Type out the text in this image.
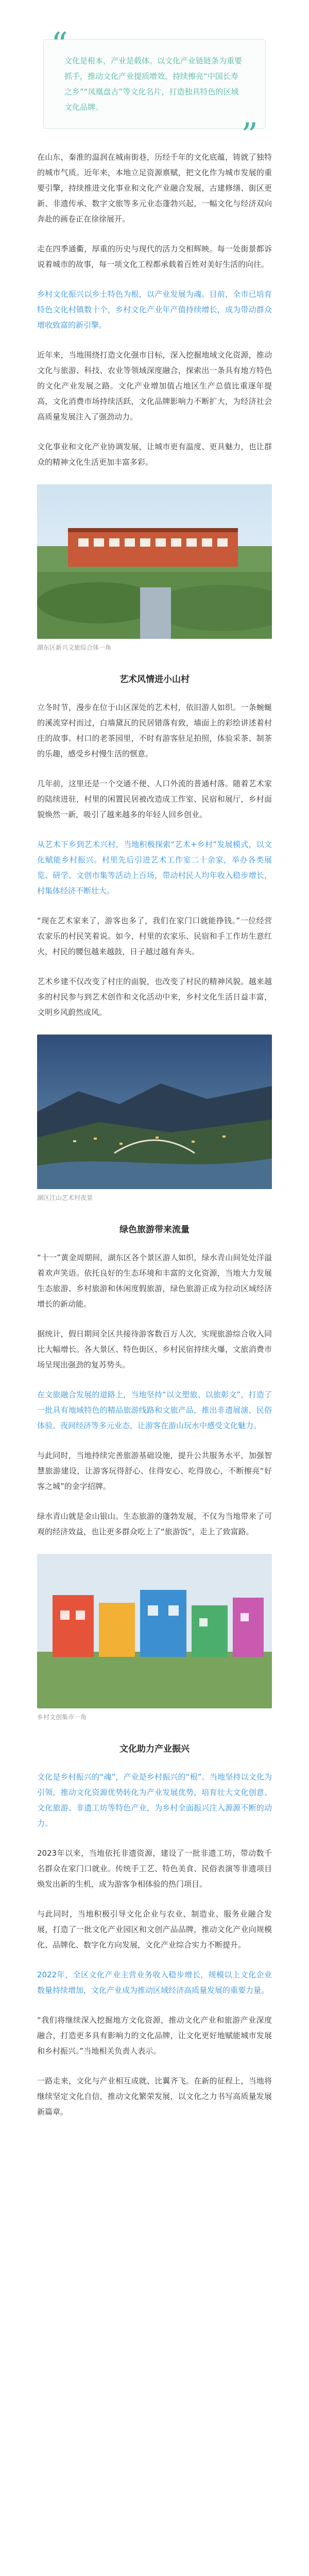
“
文化是根本，产业是载体。以文化产业链链条为重要抓手，推动文化产业提质增效，持续擦亮“中国长寿之乡”“凤凰盘古”等文化名片，打造独具特色的区域文化品牌。
”

在山东，秦淮的温润在城南街巷，历经千年的文化底蕴，铸就了独特的城市气质。近年来，本地立足资源禀赋，把文化作为城市发展的重要引擎，持续推进文化事业和文化产业融合发展，古建修缮、街区更新、非遗传承、数字文旅等多元业态蓬勃兴起，一幅文化与经济双向奔赴的画卷正在徐徐展开。

走在四季通衢，厚重的历史与现代的活力交相辉映。每一处街景都诉说着城市的故事，每一项文化工程都承载着百姓对美好生活的向往。

乡村文化振兴以乡土特色为根，以产业发展为魂。目前，全市已培育特色文化村镇数十个，乡村文化产业年产值持续增长，成为带动群众增收致富的新引擎。

近年来，当地围绕打造文化强市目标，深入挖掘地域文化资源，推动文化与旅游、科技、农业等领域深度融合，探索出一条具有地方特色的文化产业发展之路。文化产业增加值占地区生产总值比重逐年提高，文化消费市场持续活跃，文化品牌影响力不断扩大，为经济社会高质量发展注入了强劲动力。

文化事业和文化产业协调发展，让城市更有温度、更具魅力，也让群众的精神文化生活更加丰富多彩。

湖东区新兴文旅综合体一角
艺术风情进小山村

立冬时节，漫步在位于山区深处的艺术村，依旧游人如织。一条蜿蜒的溪流穿村而过，白墙黛瓦的民居错落有致，墙面上的彩绘讲述着村庄的故事。村口的老茶园里，不时有游客驻足拍照，体验采茶、制茶的乐趣，感受乡村慢生活的惬意。

几年前，这里还是一个交通不便、人口外流的普通村落。随着艺术家的陆续进驻，村里的闲置民居被改造成工作室、民宿和展厅，乡村面貌焕然一新，吸引了越来越多的年轻人回乡创业。

从艺术下乡到艺术兴村，当地积极探索“艺术+乡村”发展模式，以文化赋能乡村振兴。村里先后引进艺术工作室二十余家，举办各类展览、研学、文创市集等活动上百场，带动村民人均年收入稳步增长，村集体经济不断壮大。

“现在艺术家来了，游客也多了，我们在家门口就能挣钱。”一位经营农家乐的村民笑着说。如今，村里的农家乐、民宿和手工作坊生意红火，村民的腰包越来越鼓，日子越过越有奔头。

艺术乡建不仅改变了村庄的面貌，也改变了村民的精神风貌。越来越多的村民参与到艺术创作和文化活动中来，乡村文化生活日益丰富，文明乡风蔚然成风。

湖区江山艺术村夜景
绿色旅游带来流量

“十一”黄金周期间，湖东区各个景区游人如织，绿水青山间处处洋溢着欢声笑语。依托良好的生态环境和丰富的文化资源，当地大力发展生态旅游、乡村旅游和休闲度假旅游，绿色旅游正成为拉动区域经济增长的新动能。

据统计，假日期间全区共接待游客数百万人次，实现旅游综合收入同比大幅增长。各大景区、特色街区、乡村民宿持续火爆，文旅消费市场呈现出强劲的复苏势头。

在文旅融合发展的道路上，当地坚持“以文塑旅、以旅彰文”，打造了一批具有地域特色的精品旅游线路和文旅产品，推出非遗展演、民俗体验、夜间经济等多元业态，让游客在游山玩水中感受文化魅力。

与此同时，当地持续完善旅游基础设施，提升公共服务水平，加强智慧旅游建设，让游客玩得舒心、住得安心、吃得放心，不断擦亮“好客之城”的金字招牌。

绿水青山就是金山银山。生态旅游的蓬勃发展，不仅为当地带来了可观的经济效益，也让更多群众吃上了“旅游饭”，走上了致富路。

乡村文创集市一角
文化助力产业振兴

文化是乡村振兴的“魂”，产业是乡村振兴的“根”。当地坚持以文化为引领，推动文化资源优势转化为产业发展优势，培育壮大文化创意、文化旅游、非遗工坊等特色产业，为乡村全面振兴注入源源不断的动力。

2023年以来，当地依托非遗资源，建设了一批非遗工坊，带动数千名群众在家门口就业。传统手工艺、特色美食、民俗表演等非遗项目焕发出新的生机，成为游客争相体验的热门项目。

与此同时，当地积极引导文化企业与农业、制造业、服务业融合发展，打造了一批文化产业园区和文创产品品牌，推动文化产业向规模化、品牌化、数字化方向发展，文化产业综合实力不断提升。

2022年，全区文化产业主营业务收入稳步增长，规模以上文化企业数量持续增加，文化产业成为推动区域经济高质量发展的重要力量。

“我们将继续深入挖掘地方文化资源，推动文化产业和旅游产业深度融合，打造更多具有影响力的文化品牌，让文化更好地赋能城市发展和乡村振兴。”当地相关负责人表示。

一路走来，文化与产业相互成就、比翼齐飞。在新的征程上，当地将继续坚定文化自信，推动文化繁荣发展，以文化之力书写高质量发展新篇章。
